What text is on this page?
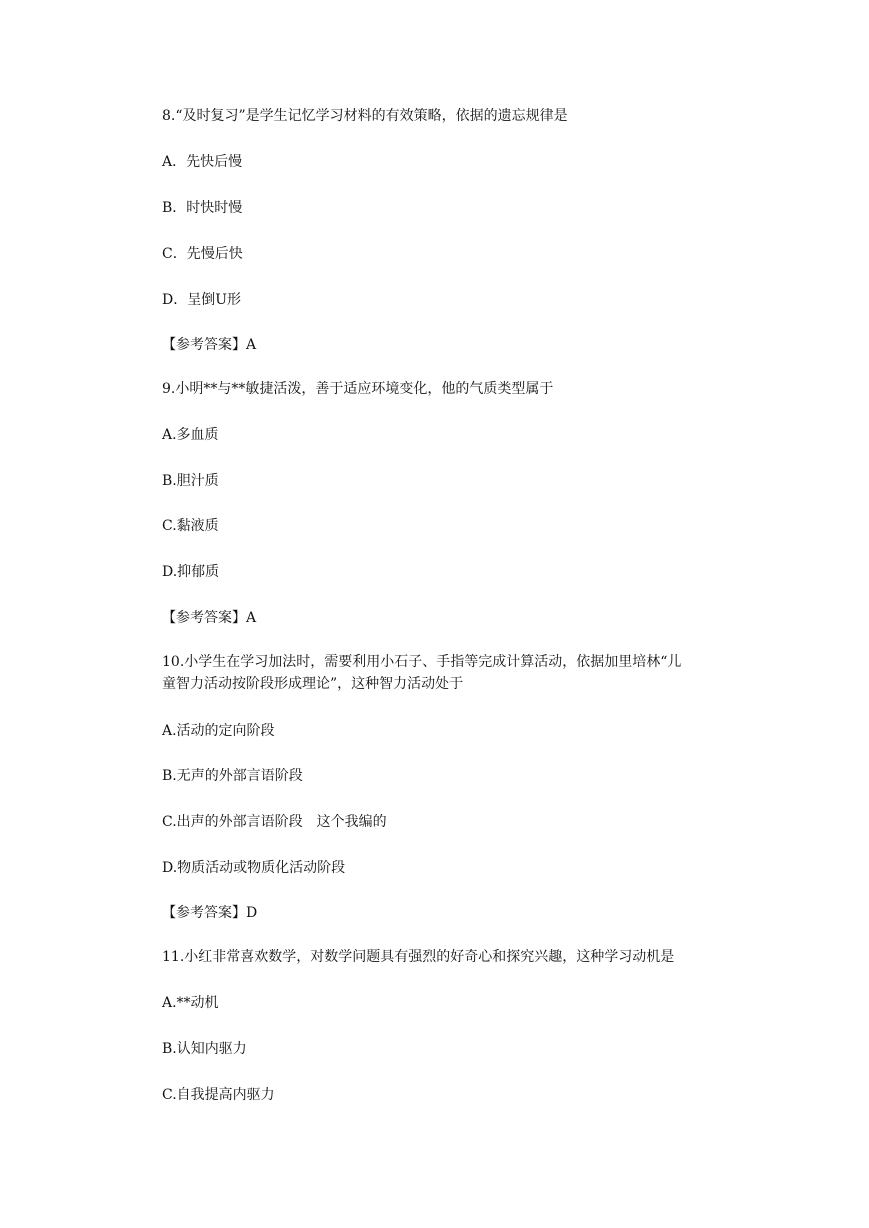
8.“及时复习”是学生记忆学习材料的有效策略，依据的遗忘规律是
A．先快后慢
B．时快时慢
C．先慢后快
D．呈倒U形
【参考答案】A
9.小明**与**敏捷活泼，善于适应环境变化，他的气质类型属于
A.多血质
B.胆汁质
C.黏液质
D.抑郁质
【参考答案】A
10.小学生在学习加法时，需要利用小石子、手指等完成计算活动，依据加里培林“儿
童智力活动按阶段形成理论”，这种智力活动处于
A.活动的定向阶段
B.无声的外部言语阶段
C.出声的外部言语阶段　这个我编的
D.物质活动或物质化活动阶段
【参考答案】D
11.小红非常喜欢数学，对数学问题具有强烈的好奇心和探究兴趣，这种学习动机是
A.**动机
B.认知内驱力
C.自我提高内驱力
